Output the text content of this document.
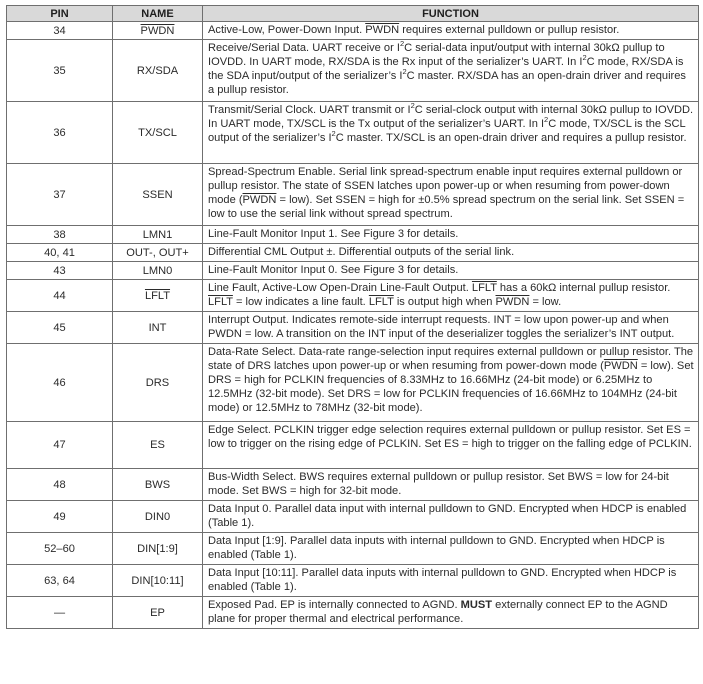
PIN	NAME	FUNCTION
34	PWDN	Active-Low, Power-Down Input. PWDN requires external pulldown or pullup resistor.
35	RX/SDA	Receive/Serial Data. UART receive or $I^2C$ serial-data input/output with internal 30kΩ pullup to IOVDD. In UART mode, RX/SDA is the Rx input of the serializer’s UART. In $I^2C$ mode, RX/SDA is the SDA input/output of the serializer’s $I^2C$ master. RX/SDA has an open-drain driver and requires a pullup resistor.
36	TX/SCL	Transmit/Serial Clock. UART transmit or $I^2C$ serial-clock output with internal 30kΩ pullup to IOVDD. In UART mode, TX/SCL is the Tx output of the serializer’s UART. In $I^2C$ mode, TX/SCL is the SCL output of the serializer’s $I^2C$ master. TX/SCL is an open-drain driver and requires a pullup resistor.
37	SSEN	Spread-Spectrum Enable. Serial link spread-spectrum enable input requires external pulldown or pullup resistor. The state of SSEN latches upon power-up or when resuming from power-down mode (PWDN = low). Set SSEN = high for ±0.5% spread spectrum on the serial link. Set SSEN = low to use the serial link without spread spectrum.
38	LMN1	Line-Fault Monitor Input 1. See Figure 3 for details.
40, 41	OUT-, OUT+	Differential CML Output ±. Differential outputs of the serial link.
43	LMN0	Line-Fault Monitor Input 0. See Figure 3 for details.
44	LFLT	Line Fault, Active-Low Open-Drain Line-Fault Output. LFLT has a 60kΩ internal pullup resistor. LFLT = low indicates a line fault. LFLT is output high when PWDN = low.
45	INT	Interrupt Output. Indicates remote-side interrupt requests. INT = low upon power-up and when PWDN = low. A transition on the INT input of the deserializer toggles the serializer’s INT output.
46	DRS	Data-Rate Select. Data-rate range-selection input requires external pulldown or pullup resistor. The state of DRS latches upon power-up or when resuming from power-down mode (PWDN = low). Set DRS = high for PCLKIN frequencies of 8.33MHz to 16.66MHz (24-bit mode) or 6.25MHz to 12.5MHz (32-bit mode). Set DRS = low for PCLKIN frequencies of 16.66MHz to 104MHz (24-bit mode) or 12.5MHz to 78MHz (32-bit mode).
47	ES	Edge Select. PCLKIN trigger edge selection requires external pulldown or pullup resistor. Set ES = low to trigger on the rising edge of PCLKIN. Set ES = high to trigger on the falling edge of PCLKIN.
48	BWS	Bus-Width Select. BWS requires external pulldown or pullup resistor. Set BWS = low for 24-bit mode. Set BWS = high for 32-bit mode.
49	DIN0	Data Input 0. Parallel data input with internal pulldown to GND. Encrypted when HDCP is enabled (Table 1).
52–60	DIN[1:9]	Data Input [1:9]. Parallel data inputs with internal pulldown to GND. Encrypted when HDCP is enabled (Table 1).
63, 64	DIN[10:11]	Data Input [10:11]. Parallel data inputs with internal pulldown to GND. Encrypted when HDCP is enabled (Table 1).
—	EP	Exposed Pad. EP is internally connected to AGND. MUST externally connect EP to the AGND plane for proper thermal and electrical performance.
